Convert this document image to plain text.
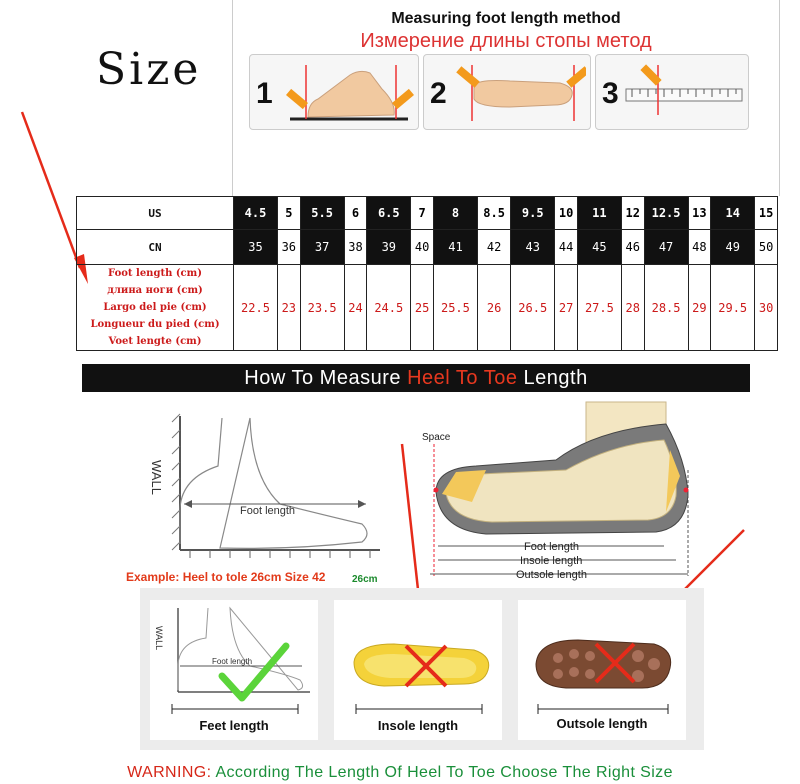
Size
Measuring foot length method
Измерение длины стопы метод
1	2	3
US	4.5	5	5.5	6	6.5	7	8	8.5	9.5	10	11	12	12.5	13	14	15
CN	35	36	37	38	39	40	41	42	43	44	45	46	47	48	49	50

Foot length (cm)
длина ноги (cm)
Largo del pie (cm)
Longueur du pied (cm)
Voet lengte (cm)	22.5	23	23.5	24	24.5	25	25.5	26	26.5	27	27.5	28	28.5	29	29.5	30
How To Measure Heel To Toe Length
WALL
Foot length
Example: Heel to tole 26cm Size 42	26cm
Space
Foot length
Insole length
Outsole length
WALL
Foot length
Feet length	Insole length	Outsole length
WARNING: According The Length Of Heel To Toe Choose The Right Size
